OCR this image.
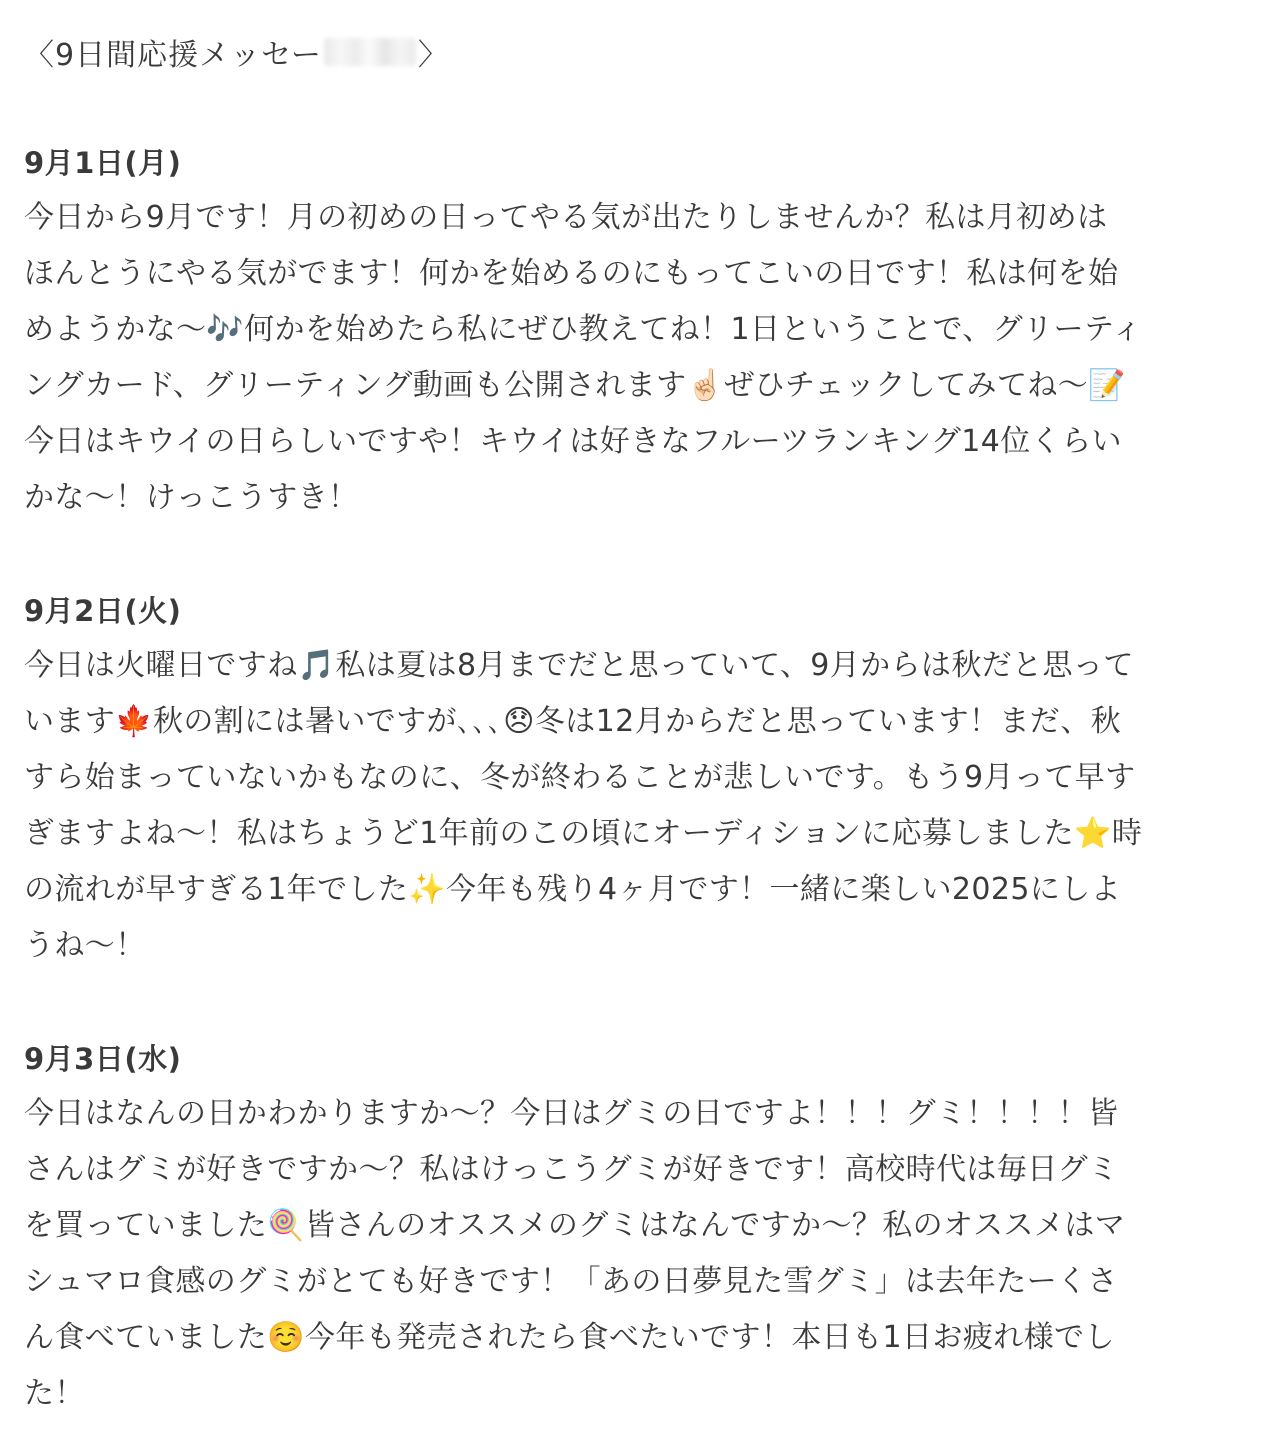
〈9日間応援メッセー	〉
9月1日(月)
今日から9月です！月の初めの日ってやる気が出たりしませんか？私は月初めは
ほんとうにやる気がでます！何かを始めるのにもってこいの日です！私は何を始
めようかな〜🎶何かを始めたら私にぜひ教えてね！1日ということで、グリーティ
ングカード、グリーティング動画も公開されます☝🏻ぜひチェックしてみてね〜📝
今日はキウイの日らしいですや！キウイは好きなフルーツランキング14位くらい
かな〜！けっこうすき！
9月2日(火)
今日は火曜日ですね🎵私は夏は8月までだと思っていて、9月からは秋だと思って
います🍁秋の割には暑いですが､､､😞冬は12月からだと思っています！まだ、秋
すら始まっていないかもなのに、冬が終わることが悲しいです。もう9月って早す
ぎますよね〜！私はちょうど1年前のこの頃にオーディションに応募しました⭐時
の流れが早すぎる1年でした✨今年も残り4ヶ月です！一緒に楽しい2025にしよ
うね〜！
9月3日(水)
今日はなんの日かわかりますか〜？今日はグミの日ですよ！！！グミ！！！！皆
さんはグミが好きですか〜？私はけっこうグミが好きです！高校時代は毎日グミ
を買っていました🍭皆さんのオススメのグミはなんですか〜？私のオススメはマ
シュマロ食感のグミがとても好きです！「あの日夢見た雪グミ」は去年たーくさ
ん食べていました☺️今年も発売されたら食べたいです！本日も1日お疲れ様でし
た！
